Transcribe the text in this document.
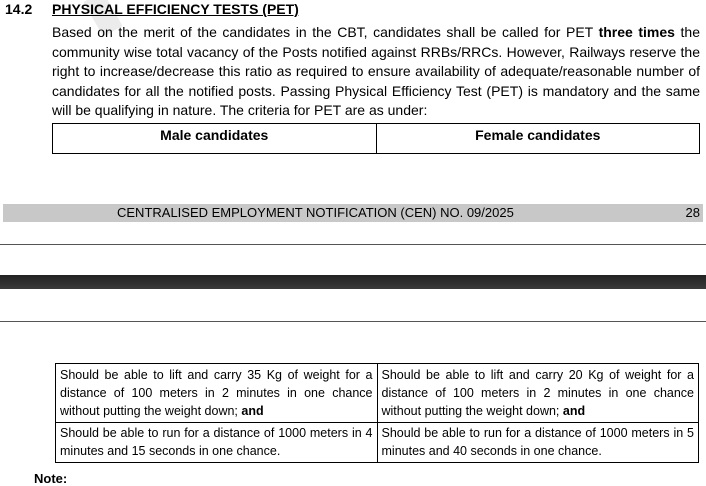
14.2 PHYSICAL EFFICIENCY TESTS (PET)
Based on the merit of the candidates in the CBT, candidates shall be called for PET three times the community wise total vacancy of the Posts notified against RRBs/RRCs. However, Railways reserve the right to increase/decrease this ratio as required to ensure availability of adequate/reasonable number of candidates for all the notified posts. Passing Physical Efficiency Test (PET) is mandatory and the same will be qualifying in nature. The criteria for PET are as under:
Male candidates	Female candidates
CENTRALISED EMPLOYMENT NOTIFICATION (CEN) NO. 09/2025	28
Should be able to lift and carry 35 Kg of weight for a distance of 100 meters in 2 minutes in one chance without putting the weight down; and	Should be able to lift and carry 20 Kg of weight for a distance of 100 meters in 2 minutes in one chance without putting the weight down; and
Should be able to run for a distance of 1000 meters in 4 minutes and 15 seconds in one chance.	Should be able to run for a distance of 1000 meters in 5 minutes and 40 seconds in one chance.
Note:
